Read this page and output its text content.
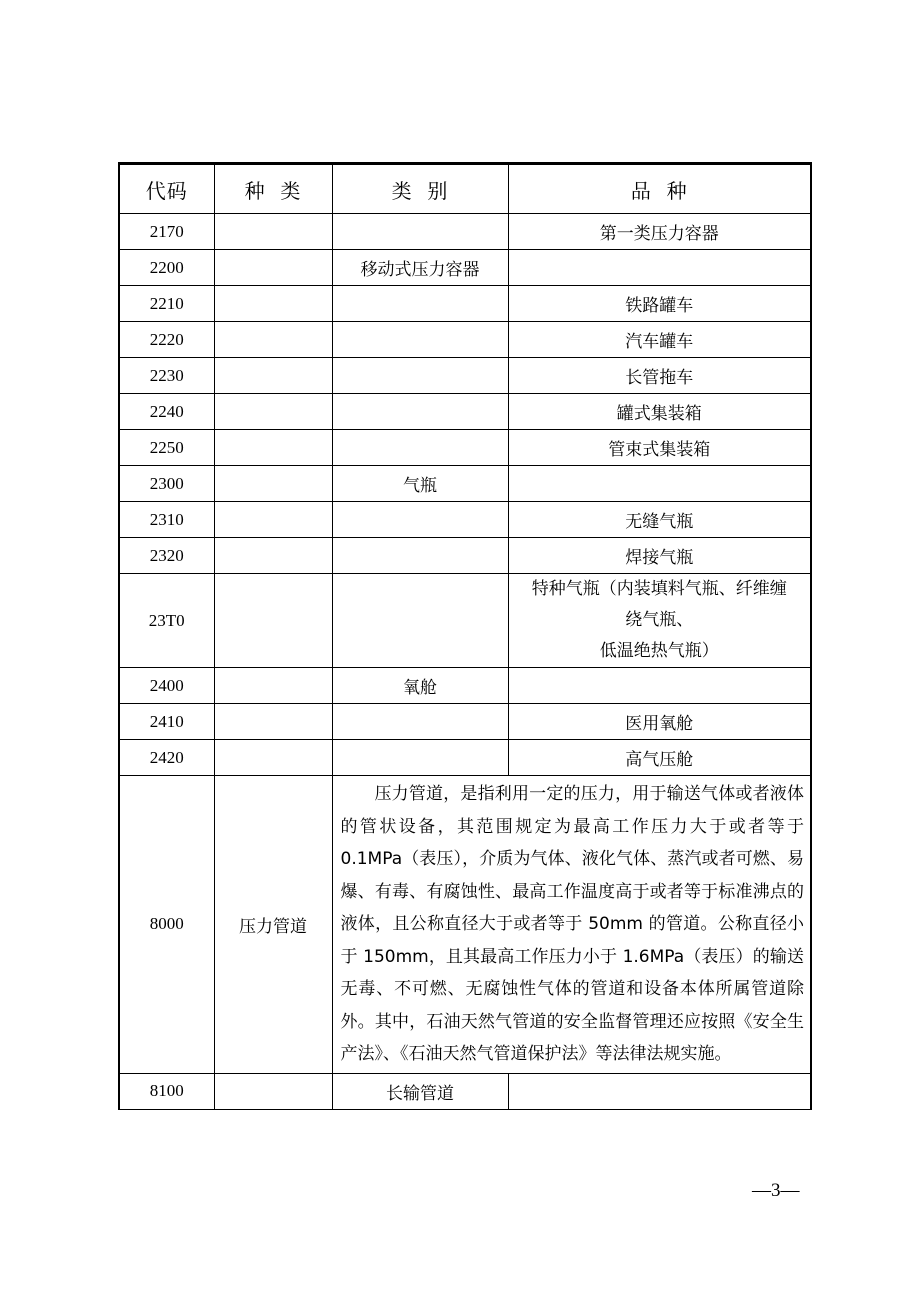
代码	种  类	类  别	品  种
2170			第一类压力容器
2200		移动式压力容器	
2210			铁路罐车
2220			汽车罐车
2230			长管拖车
2240			罐式集装箱
2250			管束式集装箱
2300		气瓶	
2310			无缝气瓶
2320			焊接气瓶
23T0			特种气瓶（内装填料气瓶、纤维缠
绕气瓶、
低温绝热气瓶）

2400		氧舱	
2410			医用氧舱
2420			高气压舱
8000	压力管道	压力管道，是指利用一定的压力，用于输送气体或者液体的管状设备，其范围规定为最高工作压力大于或者等于 0.1MPa（表压），介质为气体、液化气体、蒸汽或者可燃、易爆、有毒、有腐蚀性、最高工作温度高于或者等于标准沸点的液体，且公称直径大于或者等于 50mm 的管道。公称直径小于 150mm，且其最高工作压力小于 1.6MPa（表压）的输送无毒、不可燃、无腐蚀性气体的管道和设备本体所属管道除外。其中，石油天然气管道的安全监督管理还应按照《安全生产法》、《石油天然气管道保护法》等法律法规实施。	

8100		长输管道	
—3—
